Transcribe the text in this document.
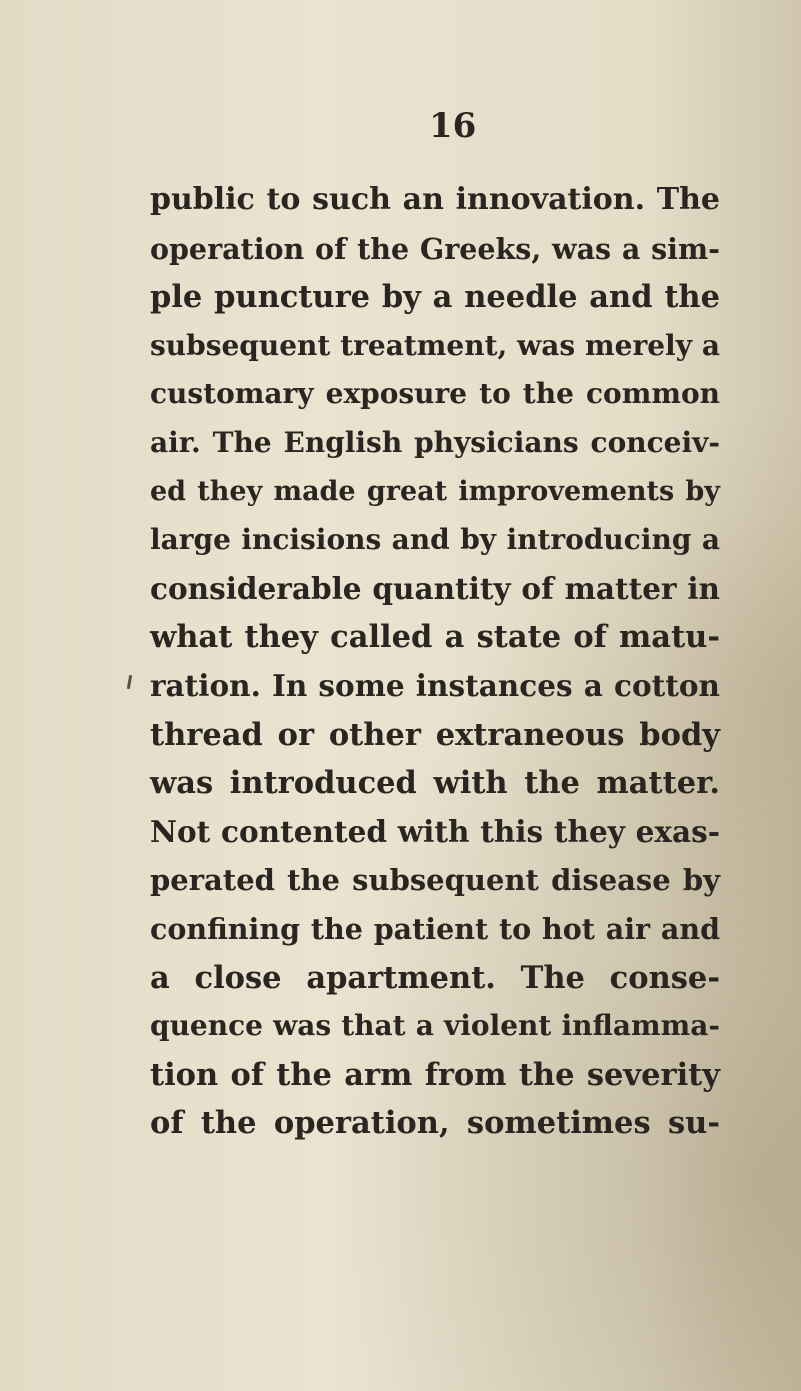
16
public to such an innovation. The
operation of the Greeks, was a sim-
ple puncture by a needle and the
subsequent treatment, was merely a
customary exposure to the common
air. The English physicians conceiv-
ed they made great improvements by
large incisions and by introducing a
considerable quantity of matter in
what they called a state of matu-
ration. In some instances a cotton
thread or other extraneous body
was introduced with the matter.
Not contented with this they exas-
perated the subsequent disease by
confining the patient to hot air and
a close apartment. The conse-
quence was that a violent inflamma-
tion of the arm from the severity
of the operation, sometimes su-
